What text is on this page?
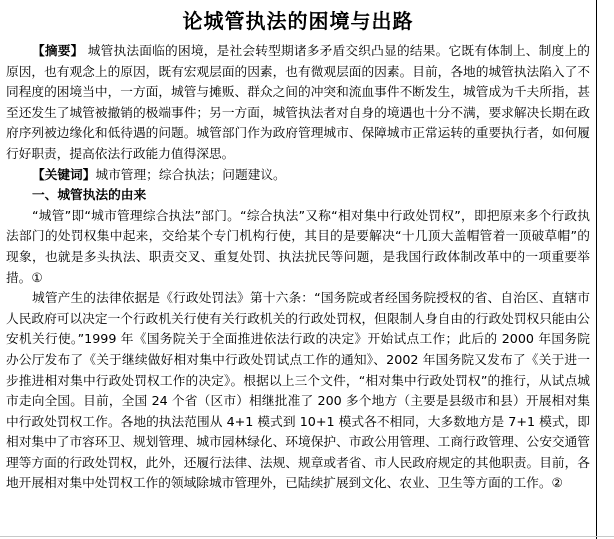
论城管执法的困境与出路

【摘要】 城管执法面临的困境，是社会转型期诸多矛盾交织凸显的结果。它既有体制上、制度上的原因，也有观念上的原因，既有宏观层面的因素，也有微观层面的因素。目前，各地的城管执法陷入了不同程度的困境当中，一方面，城管与摊贩、群众之间的冲突和流血事件不断发生，城管成为千夫所指，甚至还发生了城管被撤销的极端事件；另一方面，城管执法者对自身的境遇也十分不满，要求解决长期在政府序列被边缘化和低待遇的问题。城管部门作为政府管理城市、保障城市正常运转的重要执行者，如何履行好职责，提高依法行政能力值得深思。

【关键词】城市管理；综合执法；问题建议。

一、城管执法的由来

“城管”即“城市管理综合执法”部门。“综合执法”又称“相对集中行政处罚权”，即把原来多个行政执法部门的处罚权集中起来，交给某个专门机构行使，其目的是要解决“十几顶大盖帽管着一顶破草帽”的现象，也就是多头执法、职责交叉、重复处罚、执法扰民等问题，是我国行政体制改革中的一项重要举措。①

城管产生的法律依据是《行政处罚法》第十六条：“国务院或者经国务院授权的省、自治区、直辖市人民政府可以决定一个行政机关行使有关行政机关的行政处罚权，但限制人身自由的行政处罚权只能由公安机关行使。”1999 年《国务院关于全面推进依法行政的决定》开始试点工作；此后的 2000 年国务院办公厅发布了《关于继续做好相对集中行政处罚试点工作的通知》、2002 年国务院又发布了《关于进一步推进相对集中行政处罚权工作的决定》。根据以上三个文件，“相对集中行政处罚权”的推行，从试点城市走向全国。目前，全国 24 个省（区市）相继批准了 200 多个地方（主要是县级市和县）开展相对集中行政处罚权工作。各地的执法范围从 4+1 模式到 10+1 模式各不相同，大多数地方是 7+1 模式，即相对集中了市容环卫、规划管理、城市园林绿化、环境保护、市政公用管理、工商行政管理、公安交通管理等方面的行政处罚权，此外，还履行法律、法规、规章或者省、市人民政府规定的其他职责。目前，各地开展相对集中处罚权工作的领域除城市管理外，已陆续扩展到文化、农业、卫生等方面的工作。②
